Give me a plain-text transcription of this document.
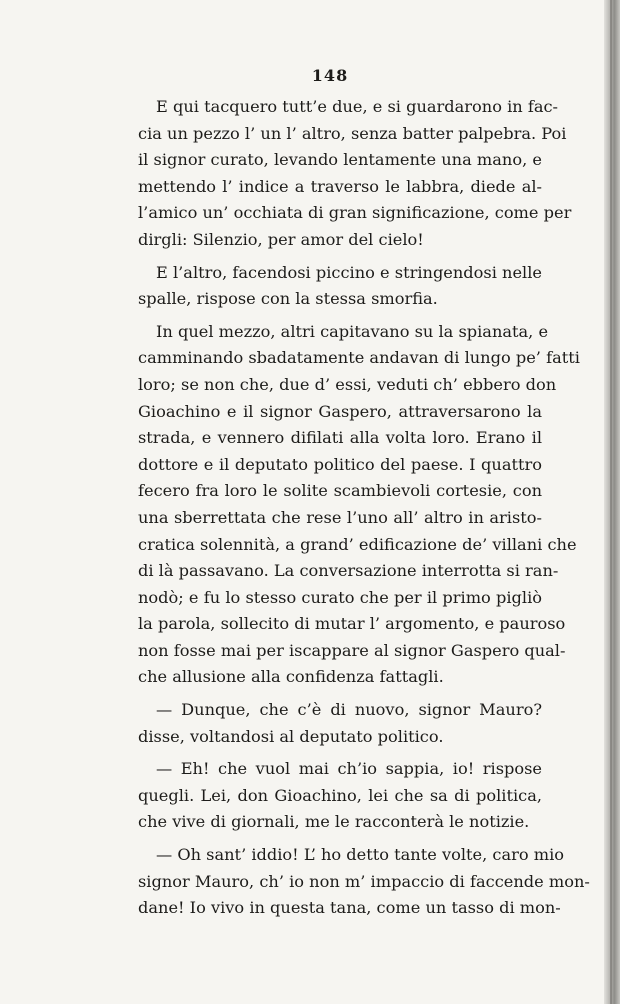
148
E qui tacquero tutt’e due, e si guardarono in fac-
cia un pezzo l’ un l’ altro, senza batter palpebra. Poi
il signor curato, levando lentamente una mano, e
mettendo l’ indice a traverso le labbra, diede al-
l’amico un’ occhiata di gran significazione, come per
dirgli: Silenzio, per amor del cielo!
E l’altro, facendosi piccino e stringendosi nelle
spalle, rispose con la stessa smorfia.
In quel mezzo, altri capitavano su la spianata, e
camminando sbadatamente andavan di lungo pe’ fatti
loro; se non che, due d’ essi, veduti ch’ ebbero don
Gioachino e il signor Gaspero, attraversarono la
strada, e vennero difilati alla volta loro. Erano il
dottore e il deputato politico del paese. I quattro
fecero fra loro le solite scambievoli cortesie, con
una sberrettata che rese l’uno all’ altro in aristo-
cratica solennità, a grand’ edificazione de’ villani che
di là passavano. La conversazione interrotta si ran-
nodò; e fu lo stesso curato che per il primo pigliò
la parola, sollecito di mutar l’ argomento, e pauroso
non fosse mai per iscappare al signor Gaspero qual-
che allusione alla confidenza fattagli.
— Dunque, che c’è di nuovo, signor Mauro?
disse, voltandosi al deputato politico.
— Eh! che vuol mai ch’io sappia, io! rispose
quegli. Lei, don Gioachino, lei che sa di politica,
che vive di giornali, me le racconterà le notizie.
— Oh sant’ iddio! L’ ho detto tante volte, caro mio
signor Mauro, ch’ io non m’ impaccio di faccende mon-
dane! Io vivo in questa tana, come un tasso di mon-
